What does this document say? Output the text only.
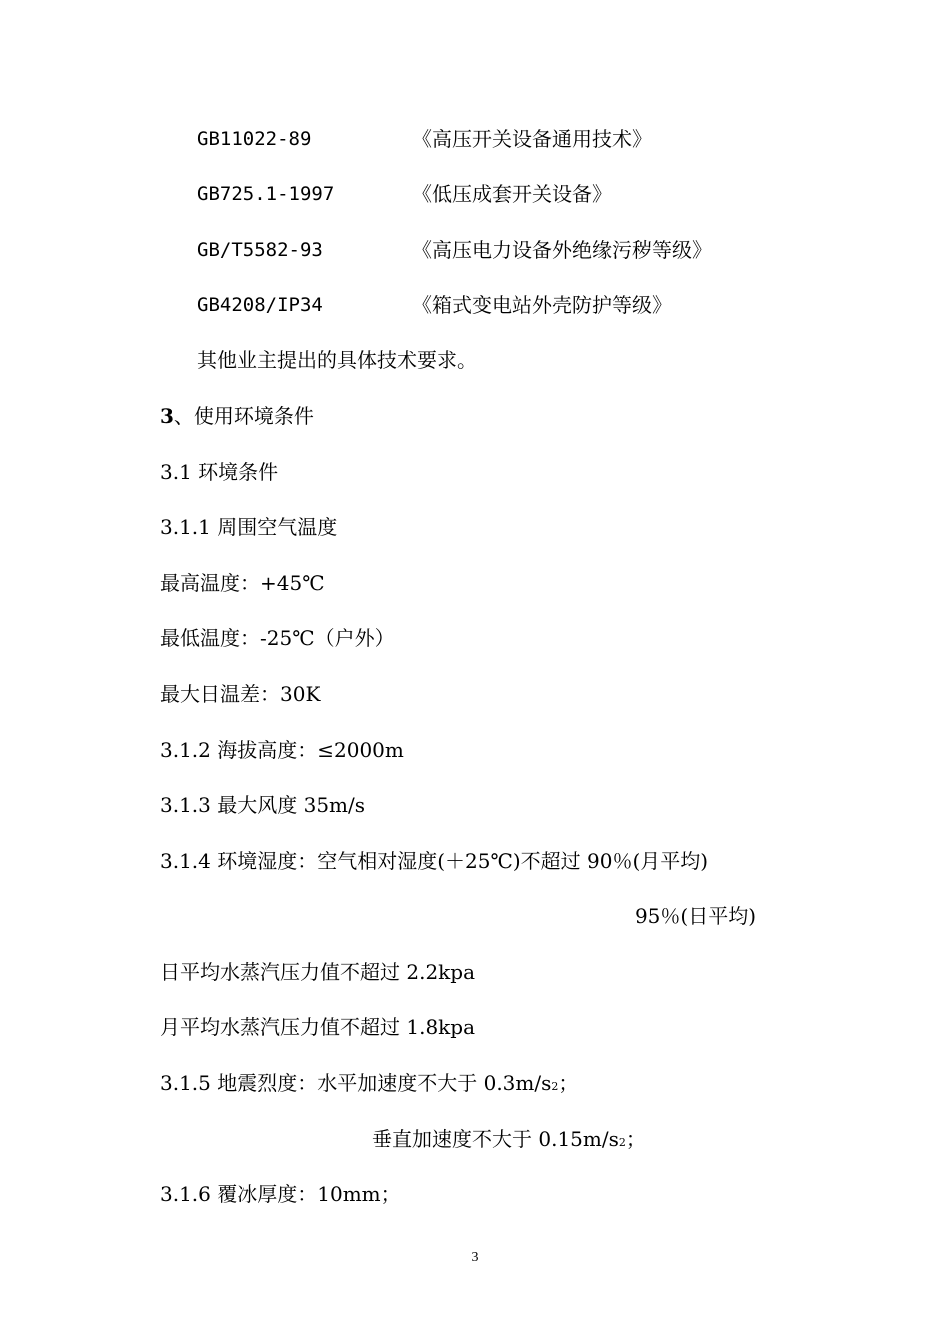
GB11022-89	《高压开关设备通用技术》
GB725.1-1997	《低压成套开关设备》
GB/T5582-93	《高压电力设备外绝缘污秽等级》
GB4208/IP34	《箱式变电站外壳防护等级》
其他业主提出的具体技术要求。
3、使用环境条件
3.1 环境条件
3.1.1 周围空气温度
最高温度：+45℃
最低温度：-25℃（户外）
最大日温差：30K
3.1.2 海拔高度：≤2000m
3.1.3 最大风度 35m/s
3.1.4 环境湿度：空气相对湿度(＋25℃)不超过 90％(月平均)
95％(日平均)
日平均水蒸汽压力值不超过 2.2kpa
月平均水蒸汽压力值不超过 1.8kpa
3.1.5 地震烈度：水平加速度不大于 0.3m/s2；
垂直加速度不大于 0.15m/s2；
3.1.6 覆冰厚度：10mm；
3
